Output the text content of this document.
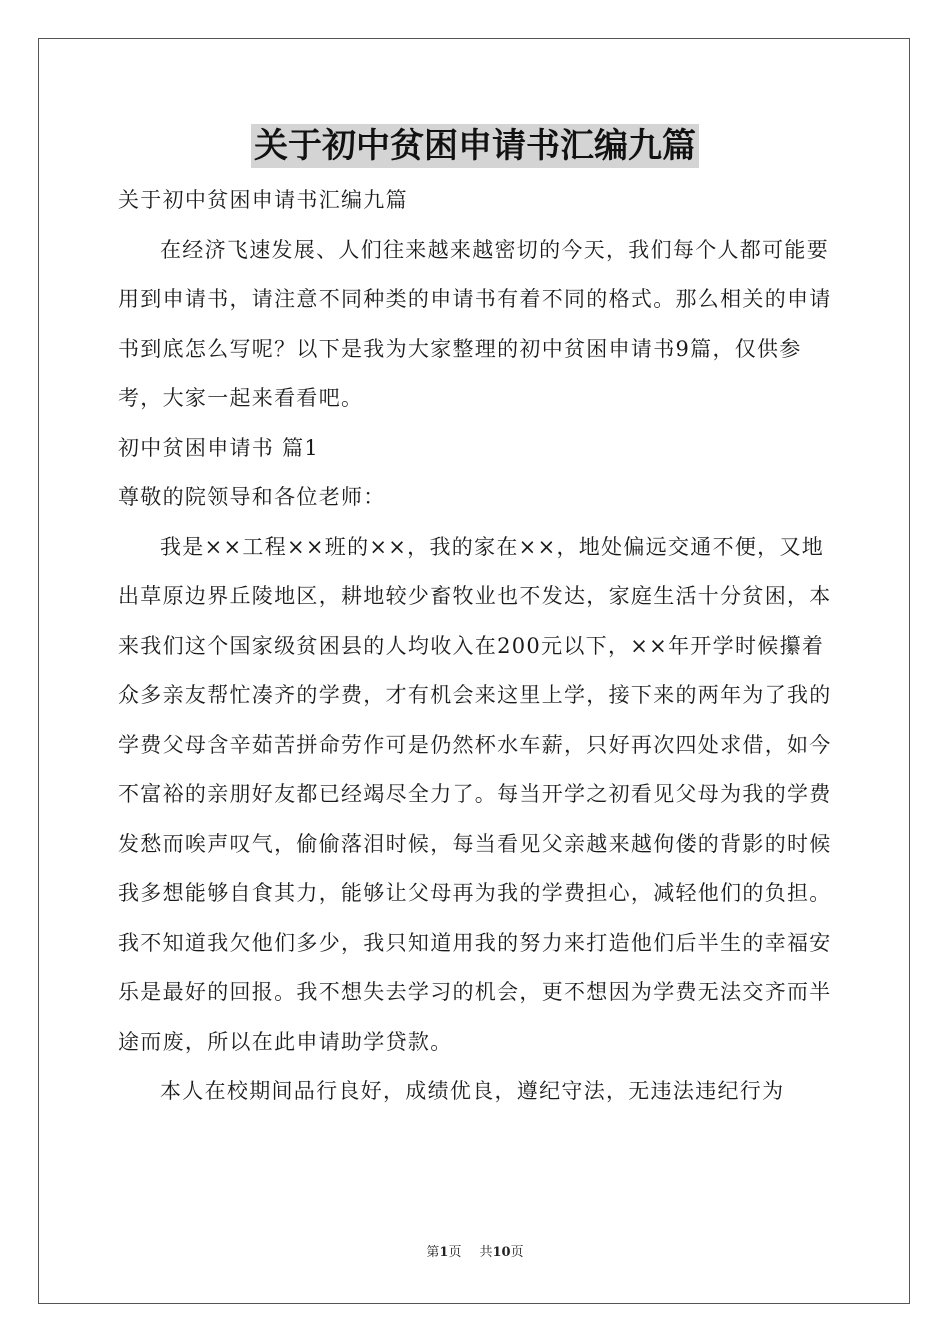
关于初中贫困申请书汇编九篇

关于初中贫困申请书汇编九篇

在经济飞速发展、人们往来越来越密切的今天，我们每个人都可能要用到申请书，请注意不同种类的申请书有着不同的格式。那么相关的申请书到底怎么写呢？以下是我为大家整理的初中贫困申请书9篇，仅供参考，大家一起来看看吧。

初中贫困申请书 篇1

尊敬的院领导和各位老师：

我是××工程××班的××，我的家在××，地处偏远交通不便，又地出草原边界丘陵地区，耕地较少畜牧业也不发达，家庭生活十分贫困，本来我们这个国家级贫困县的人均收入在200元以下，××年开学时候攥着众多亲友帮忙凑齐的学费，才有机会来这里上学，接下来的两年为了我的学费父母含辛茹苦拼命劳作可是仍然杯水车薪，只好再次四处求借，如今不富裕的亲朋好友都已经竭尽全力了。每当开学之初看见父母为我的学费发愁而唉声叹气，偷偷落泪时候，每当看见父亲越来越佝偻的背影的时候我多想能够自食其力，能够让父母再为我的学费担心，减轻他们的负担。我不知道我欠他们多少，我只知道用我的努力来打造他们后半生的幸福安乐是最好的回报。我不想失去学习的机会，更不想因为学费无法交齐而半途而废，所以在此申请助学贷款。

本人在校期间品行良好，成绩优良，遵纪守法，无违法违纪行为

第1页 共10页
